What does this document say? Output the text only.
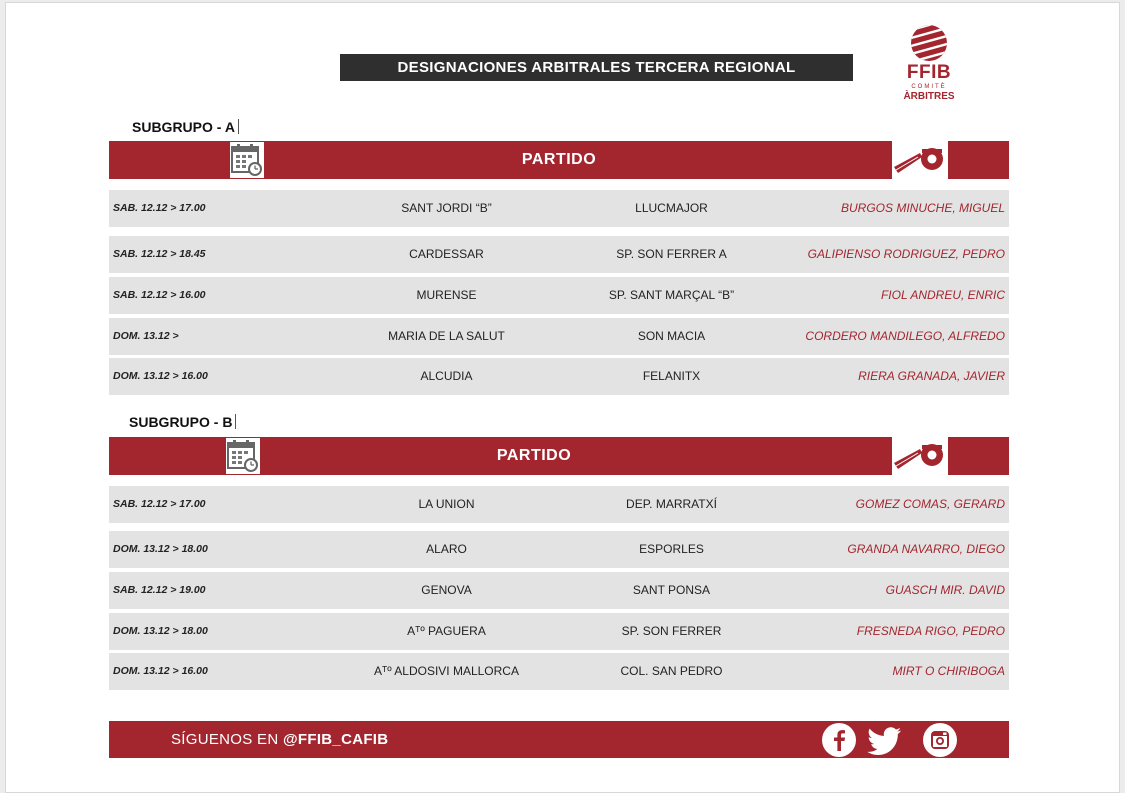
DESIGNACIONES ARBITRALES TERCERA REGIONAL	FFIB
COMITÈ
ÀRBITRES
SUBGRUPO - A
PARTIDO
SAB. 12.12 > 17.00	SANT JORDI “B”	LLUCMAJOR	BURGOS MINUCHE, MIGUEL
SAB. 12.12 > 18.45	CARDESSAR	SP. SON FERRER A	GALIPIENSO RODRIGUEZ, PEDRO
SAB. 12.12 > 16.00	MURENSE	SP. SANT MARÇAL “B”	FIOL ANDREU, ENRIC
DOM. 13.12 >	MARIA DE LA SALUT	SON MACIA	CORDERO MANDILEGO, ALFREDO
DOM. 13.12 > 16.00	ALCUDIA	FELANITX	RIERA GRANADA, JAVIER
SUBGRUPO - B
PARTIDO
SAB. 12.12 > 17.00	LA UNION	DEP. MARRATXÍ	GOMEZ COMAS, GERARD
DOM. 13.12 > 18.00	ALARO	ESPORLES	GRANDA NAVARRO, DIEGO
SAB. 12.12 > 19.00	GENOVA	SANT PONSA	GUASCH MIR. DAVID
DOM. 13.12 > 18.00	Aᵀº PAGUERA	SP. SON FERRER	FRESNEDA RIGO, PEDRO
DOM. 13.12 > 16.00	Aᵀº ALDOSIVI MALLORCA	COL. SAN PEDRO	MIRT O CHIRIBOGA
SÍGUENOS EN @FFIB_CAFIB
